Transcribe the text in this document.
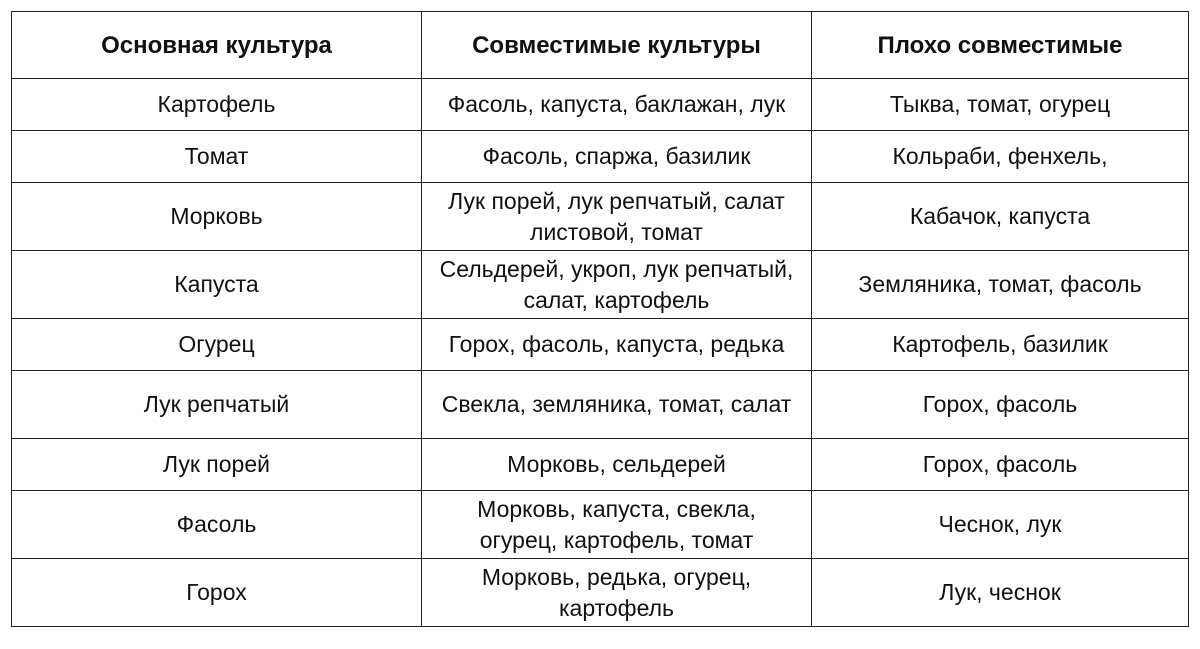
Основная культура	Совместимые культуры	Плохо совместимые
Картофель	Фасоль, капуста, баклажан, лук	Тыква, томат, огурец
Томат	Фасоль, спаржа, базилик	Кольраби, фенхель,
Морковь	Лук порей, лук репчатый, салат листовой, томат	Кабачок, капуста
Капуста	Сельдерей, укроп, лук репчатый, салат, картофель	Земляника, томат, фасоль
Огурец	Горох, фасоль, капуста, редька	Картофель, базилик
Лук репчатый	Свекла, земляника, томат, салат	Горох, фасоль
Лук порей	Морковь, сельдерей	Горох, фасоль
Фасоль	Морковь, капуста, свекла, огурец, картофель, томат	Чеснок, лук
Горох	Морковь, редька, огурец, картофель	Лук, чеснок
